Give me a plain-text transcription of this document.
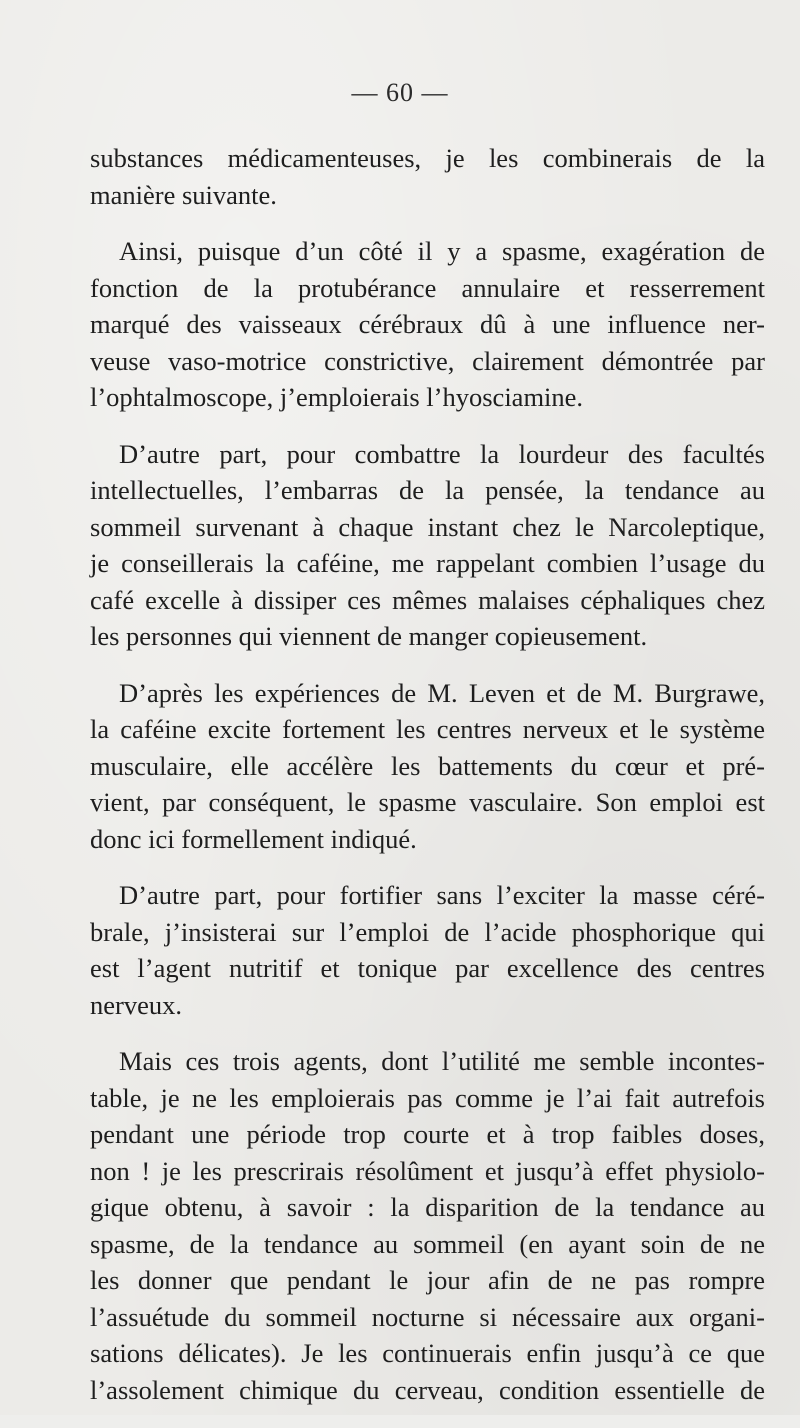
— 60 —
substances médicamenteuses, je les combinerais de la
manière suivante.
Ainsi, puisque d’un côté il y a spasme, exagération de
fonction de la protubérance annulaire et resserrement
marqué des vaisseaux cérébraux dû à une influence ner-
veuse vaso-motrice constrictive, clairement démontrée par
l’ophtalmoscope, j’emploierais l’hyosciamine.
D’autre part, pour combattre la lourdeur des facultés
intellectuelles, l’embarras de la pensée, la tendance au
sommeil survenant à chaque instant chez le Narcoleptique,
je conseillerais la caféine, me rappelant combien l’usage du
café excelle à dissiper ces mêmes malaises céphaliques chez
les personnes qui viennent de manger copieusement.
D’après les expériences de M. Leven et de M. Burgrawe,
la caféine excite fortement les centres nerveux et le système
musculaire, elle accélère les battements du cœur et pré-
vient, par conséquent, le spasme vasculaire. Son emploi est
donc ici formellement indiqué.
D’autre part, pour fortifier sans l’exciter la masse céré-
brale, j’insisterai sur l’emploi de l’acide phosphorique qui
est l’agent nutritif et tonique par excellence des centres
nerveux.
Mais ces trois agents, dont l’utilité me semble incontes-
table, je ne les emploierais pas comme je l’ai fait autrefois
pendant une période trop courte et à trop faibles doses,
non ! je les prescrirais résolûment et jusqu’à effet physiolo-
gique obtenu, à savoir : la disparition de la tendance au
spasme, de la tendance au sommeil (en ayant soin de ne
les donner que pendant le jour afin de ne pas rompre
l’assuétude du sommeil nocturne si nécessaire aux organi-
sations délicates). Je les continuerais enfin jusqu’à ce que
l’assolement chimique du cerveau, condition essentielle de
